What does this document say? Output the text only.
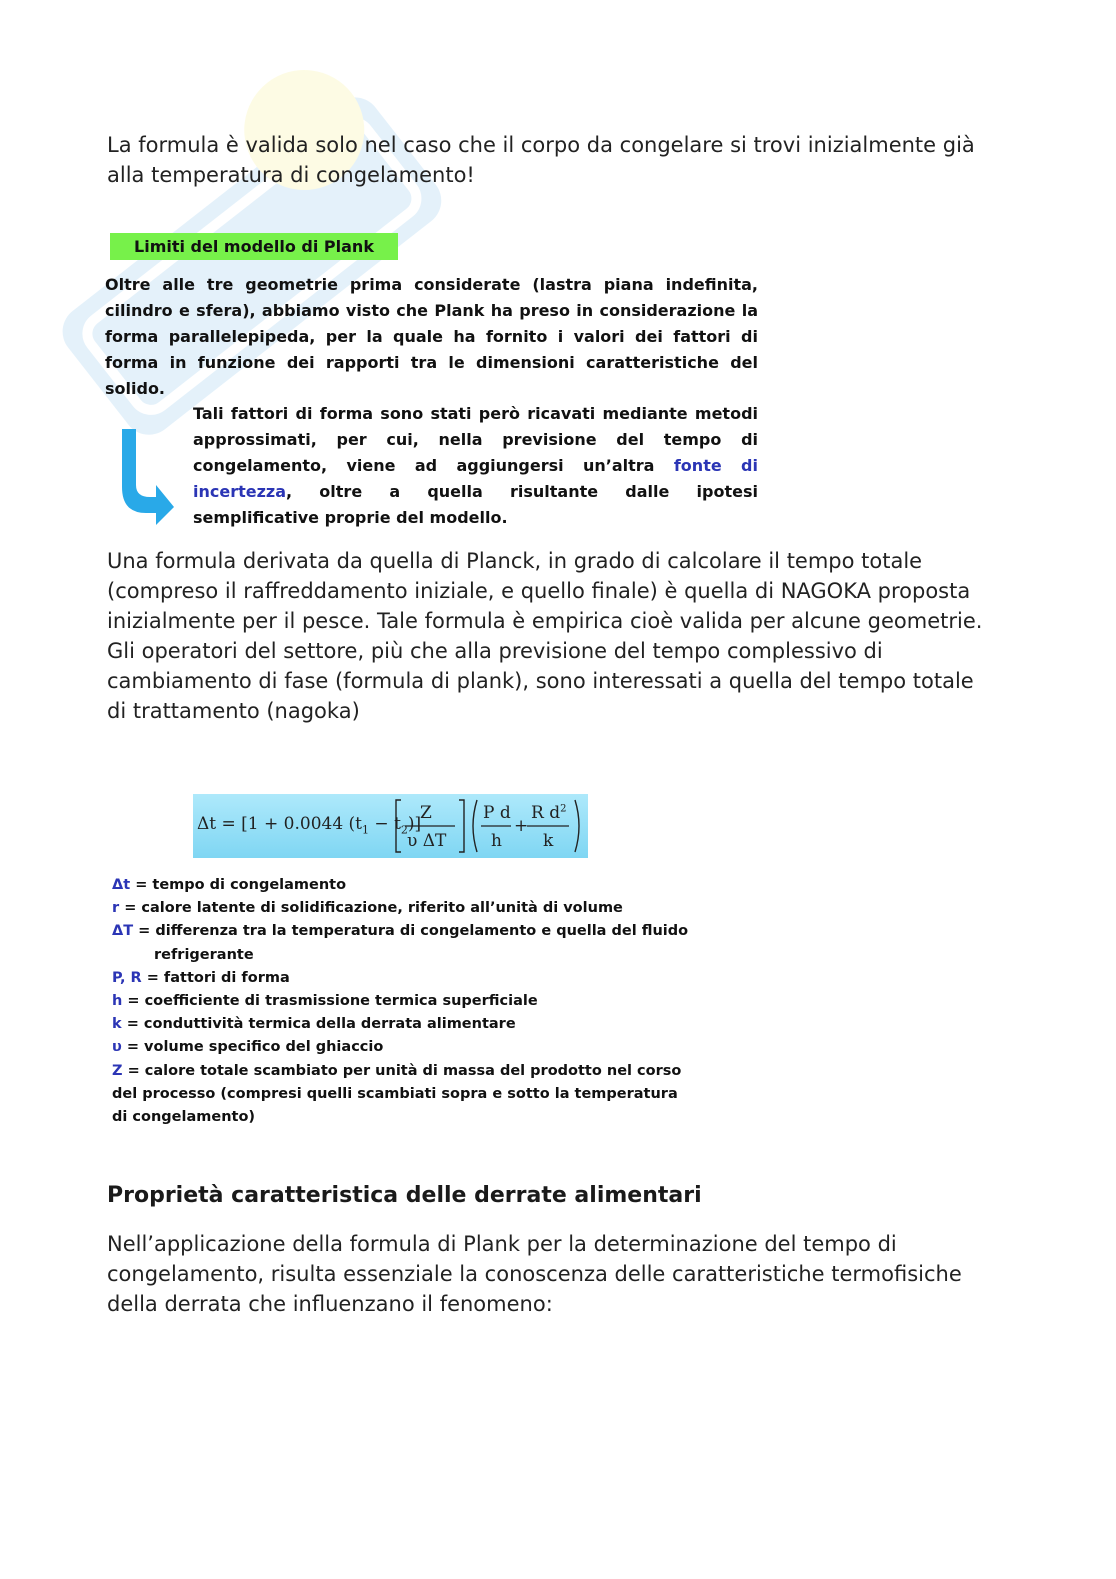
La formula è valida solo nel caso che il corpo da congelare si trovi inizialmente già alla temperatura di congelamento!
Limiti del modello di Plank
Oltre alle tre geometrie prima considerate (lastra piana indefinita, cilindro e sfera), abbiamo visto che Plank ha preso in considerazione la forma parallelepipeda, per la quale ha fornito i valori dei fattori di forma in funzione dei rapporti tra le dimensioni caratteristiche del solido.
Tali fattori di forma sono stati però ricavati mediante metodi approssimati, per cui, nella previsione del tempo di congelamento, viene ad aggiungersi un’altra fonte di incertezza, oltre a quella risultante dalle ipotesi semplificative proprie del modello.
Una formula derivata da quella di Planck, in grado di calcolare il tempo totale (compreso il raffreddamento iniziale, e quello finale) è quella di NAGOKA proposta inizialmente per il pesce. Tale formula è empirica cioè valida per alcune geometrie. Gli operatori del settore, più che alla previsione del tempo complessivo di cambiamento di fase (formula di plank), sono interessati a quella del tempo totale di trattamento (nagoka)
Δt = [1 + 0.0044 $(t_1 - t_2)$]
Z
υ ΔT
P d
h
+
R $d^2$
k
Δt = tempo di congelamento
r = calore latente di solidificazione, riferito all’unità di volume
ΔT = differenza tra la temperatura di congelamento e quella del fluido
refrigerante
P, R = fattori di forma
h = coefficiente di trasmissione termica superficiale
k = conduttività termica della derrata alimentare
υ = volume specifico del ghiaccio
Z = calore totale scambiato per unità di massa del prodotto nel corso
del processo (compresi quelli scambiati sopra e sotto la temperatura
di congelamento)
Proprietà caratteristica delle derrate alimentari
Nell’applicazione della formula di Plank per la determinazione del tempo di congelamento, risulta essenziale la conoscenza delle caratteristiche termofisiche della derrata che influenzano il fenomeno:
